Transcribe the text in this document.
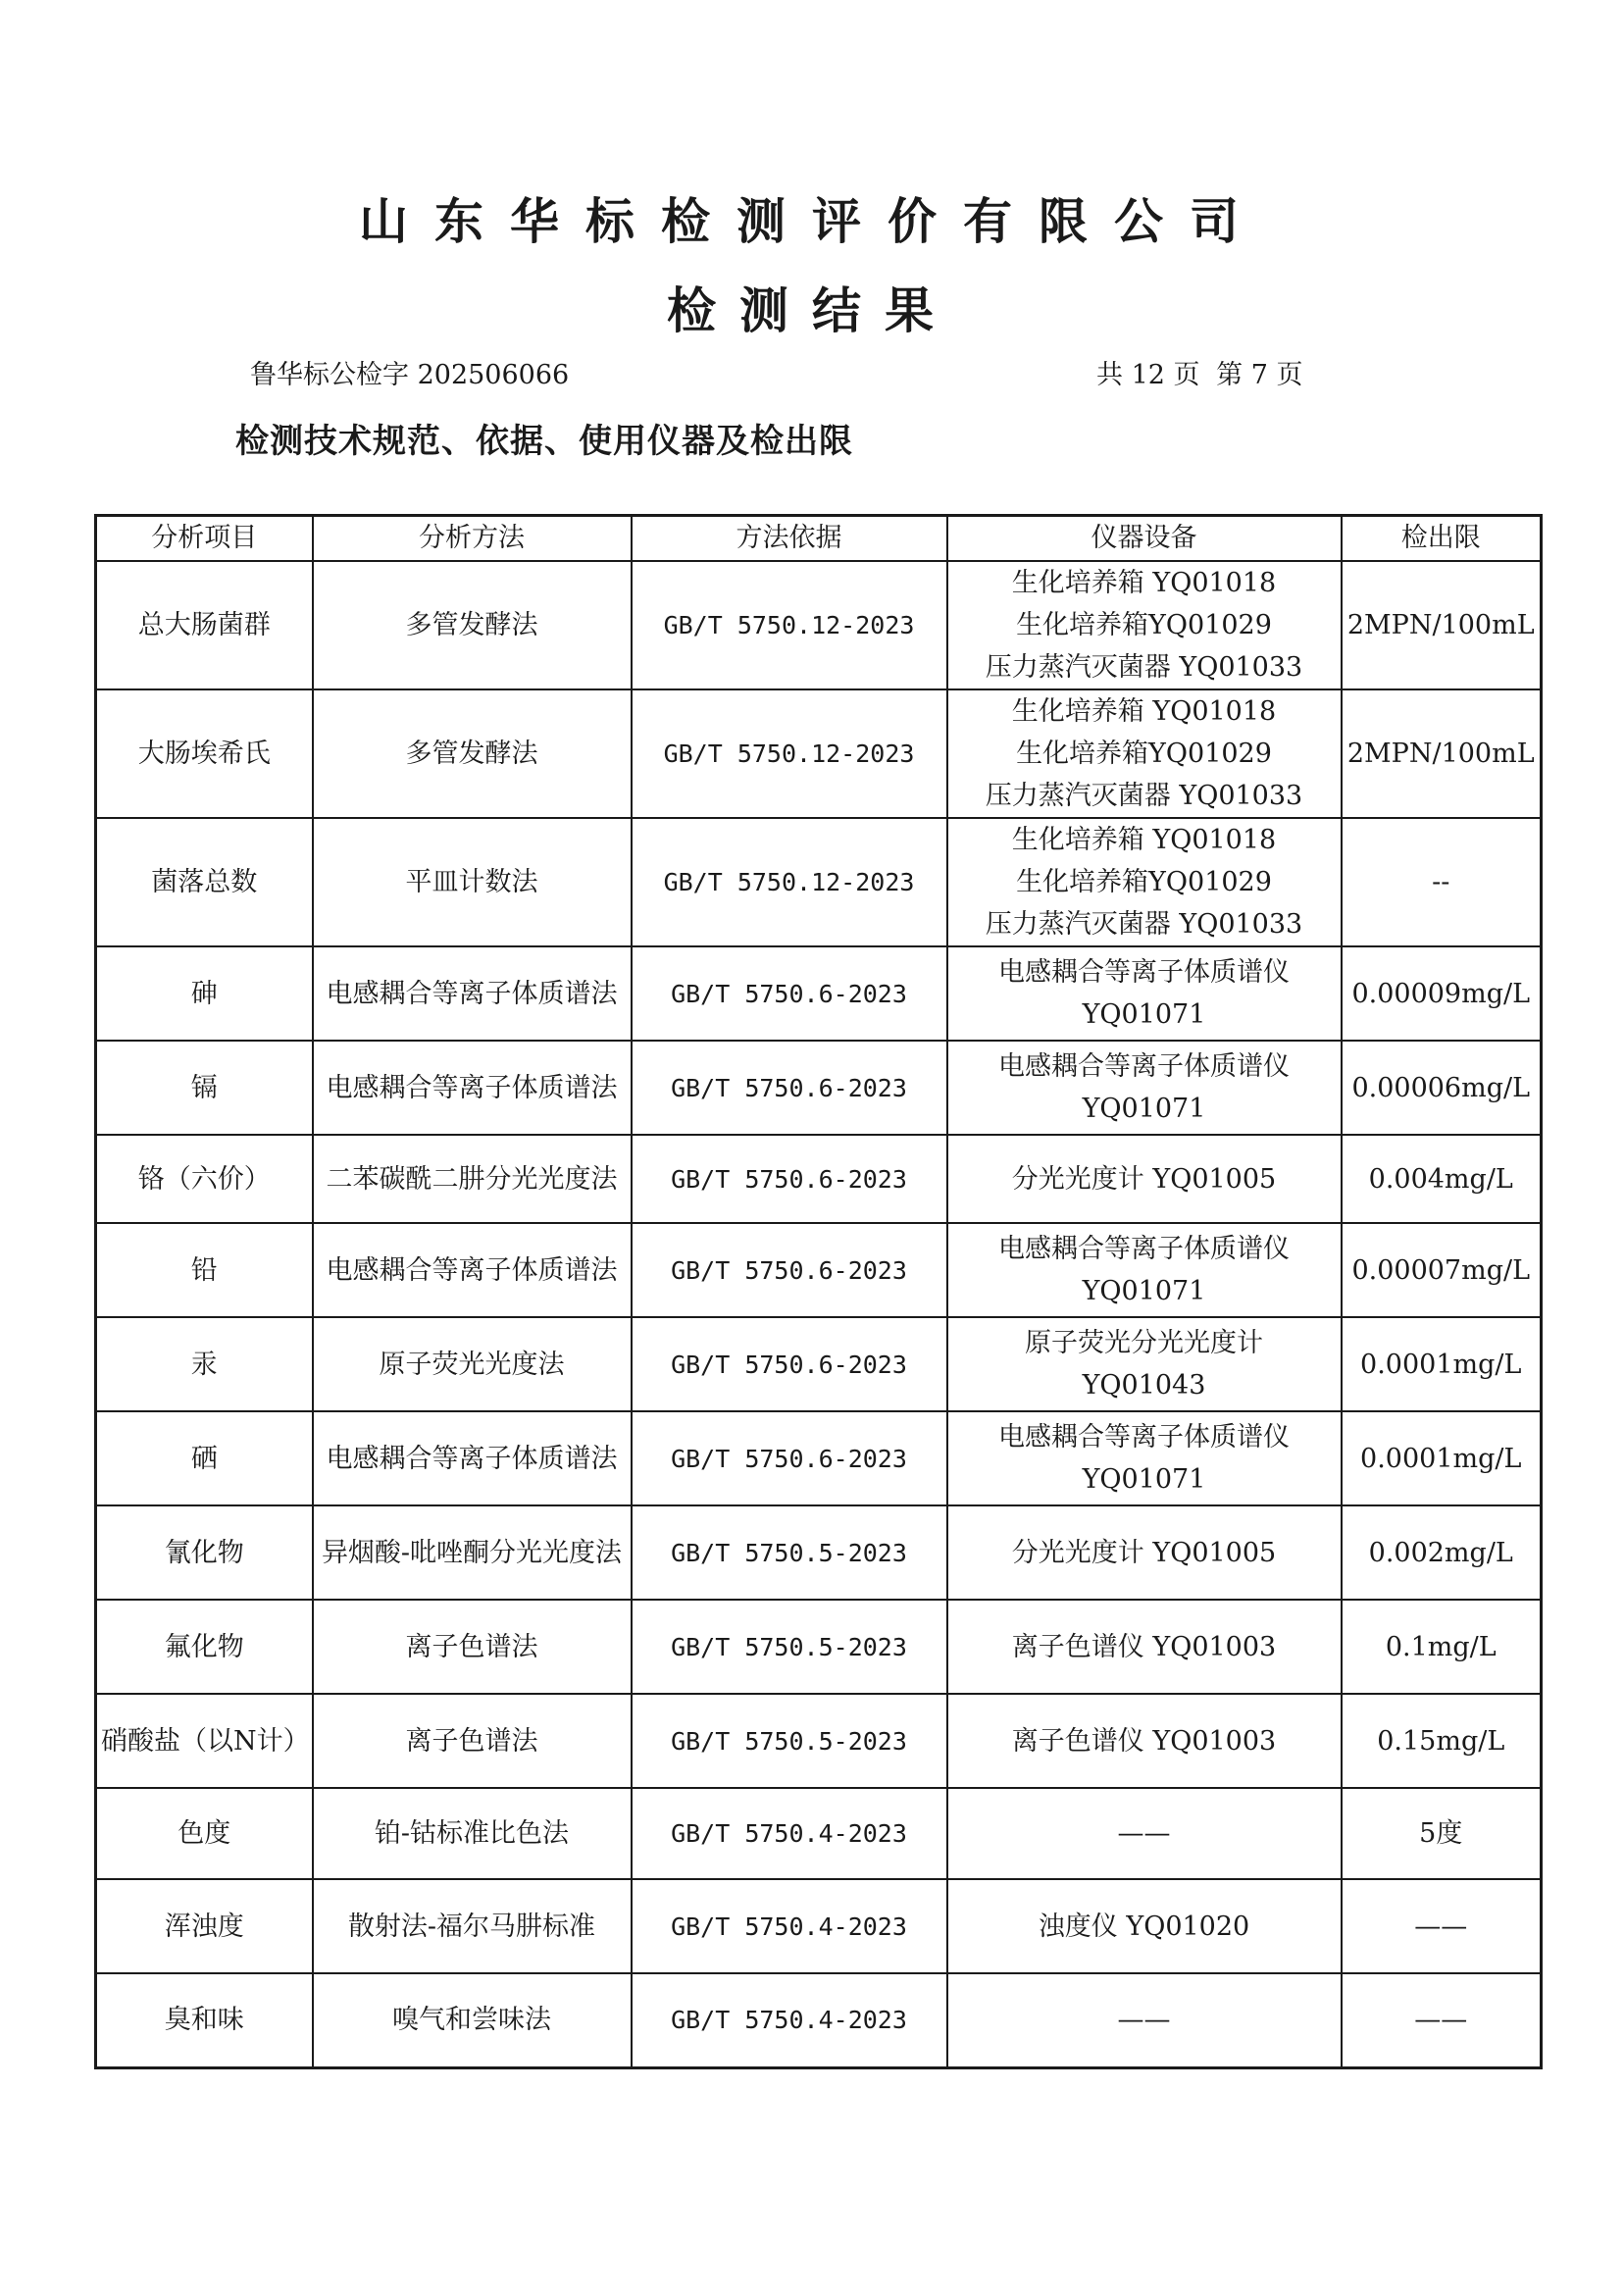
山东华标检测评价有限公司
检测结果
鲁华标公检字 202506066	共 12 页 第 7 页
检测技术规范、依据、使用仪器及检出限
分析项目	分析方法	方法依据	仪器设备	检出限
总大肠菌群	多管发酵法	GB/T 5750.12-2023	生化培养箱 YQ01018
生化培养箱YQ01029
压力蒸汽灭菌器 YQ01033	2MPN/100mL
大肠埃希氏	多管发酵法	GB/T 5750.12-2023	生化培养箱 YQ01018
生化培养箱YQ01029
压力蒸汽灭菌器 YQ01033	2MPN/100mL
菌落总数	平皿计数法	GB/T 5750.12-2023	生化培养箱 YQ01018
生化培养箱YQ01029
压力蒸汽灭菌器 YQ01033	--
砷	电感耦合等离子体质谱法	GB/T 5750.6-2023	电感耦合等离子体质谱仪
YQ01071	0.00009mg/L
镉	电感耦合等离子体质谱法	GB/T 5750.6-2023	电感耦合等离子体质谱仪
YQ01071	0.00006mg/L
铬（六价）	二苯碳酰二肼分光光度法	GB/T 5750.6-2023	分光光度计 YQ01005	0.004mg/L
铅	电感耦合等离子体质谱法	GB/T 5750.6-2023	电感耦合等离子体质谱仪
YQ01071	0.00007mg/L
汞	原子荧光光度法	GB/T 5750.6-2023	原子荧光分光光度计
YQ01043	0.0001mg/L
硒	电感耦合等离子体质谱法	GB/T 5750.6-2023	电感耦合等离子体质谱仪
YQ01071	0.0001mg/L
氰化物	异烟酸-吡唑酮分光光度法	GB/T 5750.5-2023	分光光度计 YQ01005	0.002mg/L
氟化物	离子色谱法	GB/T 5750.5-2023	离子色谱仪 YQ01003	0.1mg/L
硝酸盐（以N计）	离子色谱法	GB/T 5750.5-2023	离子色谱仪 YQ01003	0.15mg/L
色度	铂-钴标准比色法	GB/T 5750.4-2023	——	5度
浑浊度	散射法-福尔马肼标准	GB/T 5750.4-2023	浊度仪 YQ01020	——
臭和味	嗅气和尝味法	GB/T 5750.4-2023	——	——
